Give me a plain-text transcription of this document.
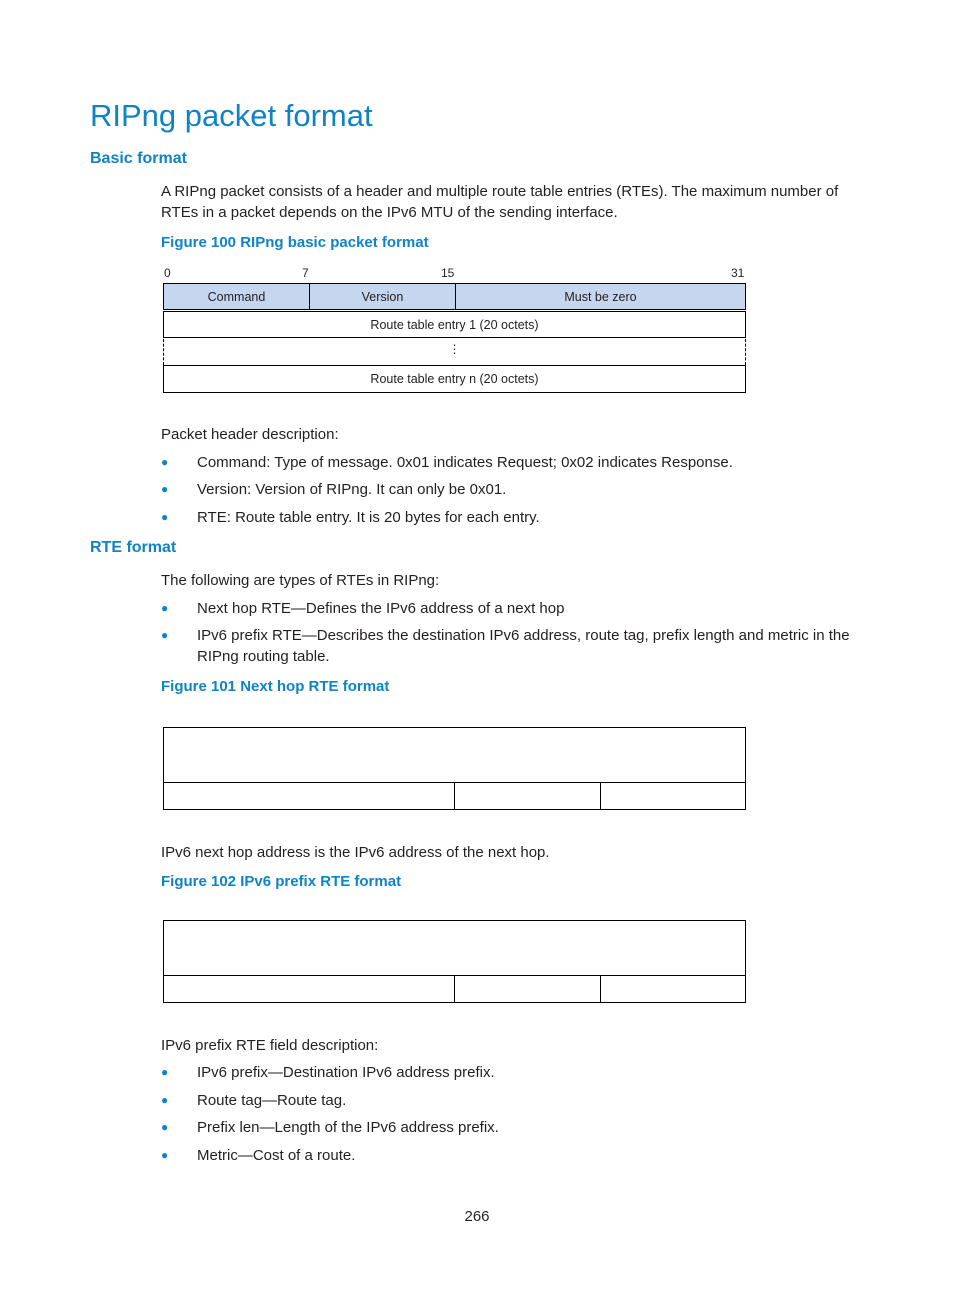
RIPng packet format
Basic format
A RIPng packet consists of a header and multiple route table entries (RTEs). The maximum number of RTEs in a packet depends on the IPv6 MTU of the sending interface.
Figure 100 RIPng basic packet format
0	7	15	31
Command	Version	Must be zero
Route table entry 1 (20 octets)
⋮
Route table entry n (20 octets)
Packet header description:
● Command: Type of message. 0x01 indicates Request; 0x02 indicates Response.
● Version: Version of RIPng. It can only be 0x01.
● RTE: Route table entry. It is 20 bytes for each entry.
RTE format
The following are types of RTEs in RIPng:
● Next hop RTE—Defines the IPv6 address of a next hop
● IPv6 prefix RTE—Describes the destination IPv6 address, route tag, prefix length and metric in the RIPng routing table.
Figure 101 Next hop RTE format
IPv6 next hop address is the IPv6 address of the next hop.
Figure 102 IPv6 prefix RTE format
IPv6 prefix RTE field description:
● IPv6 prefix—Destination IPv6 address prefix.
● Route tag—Route tag.
● Prefix len—Length of the IPv6 address prefix.
● Metric—Cost of a route.
266
